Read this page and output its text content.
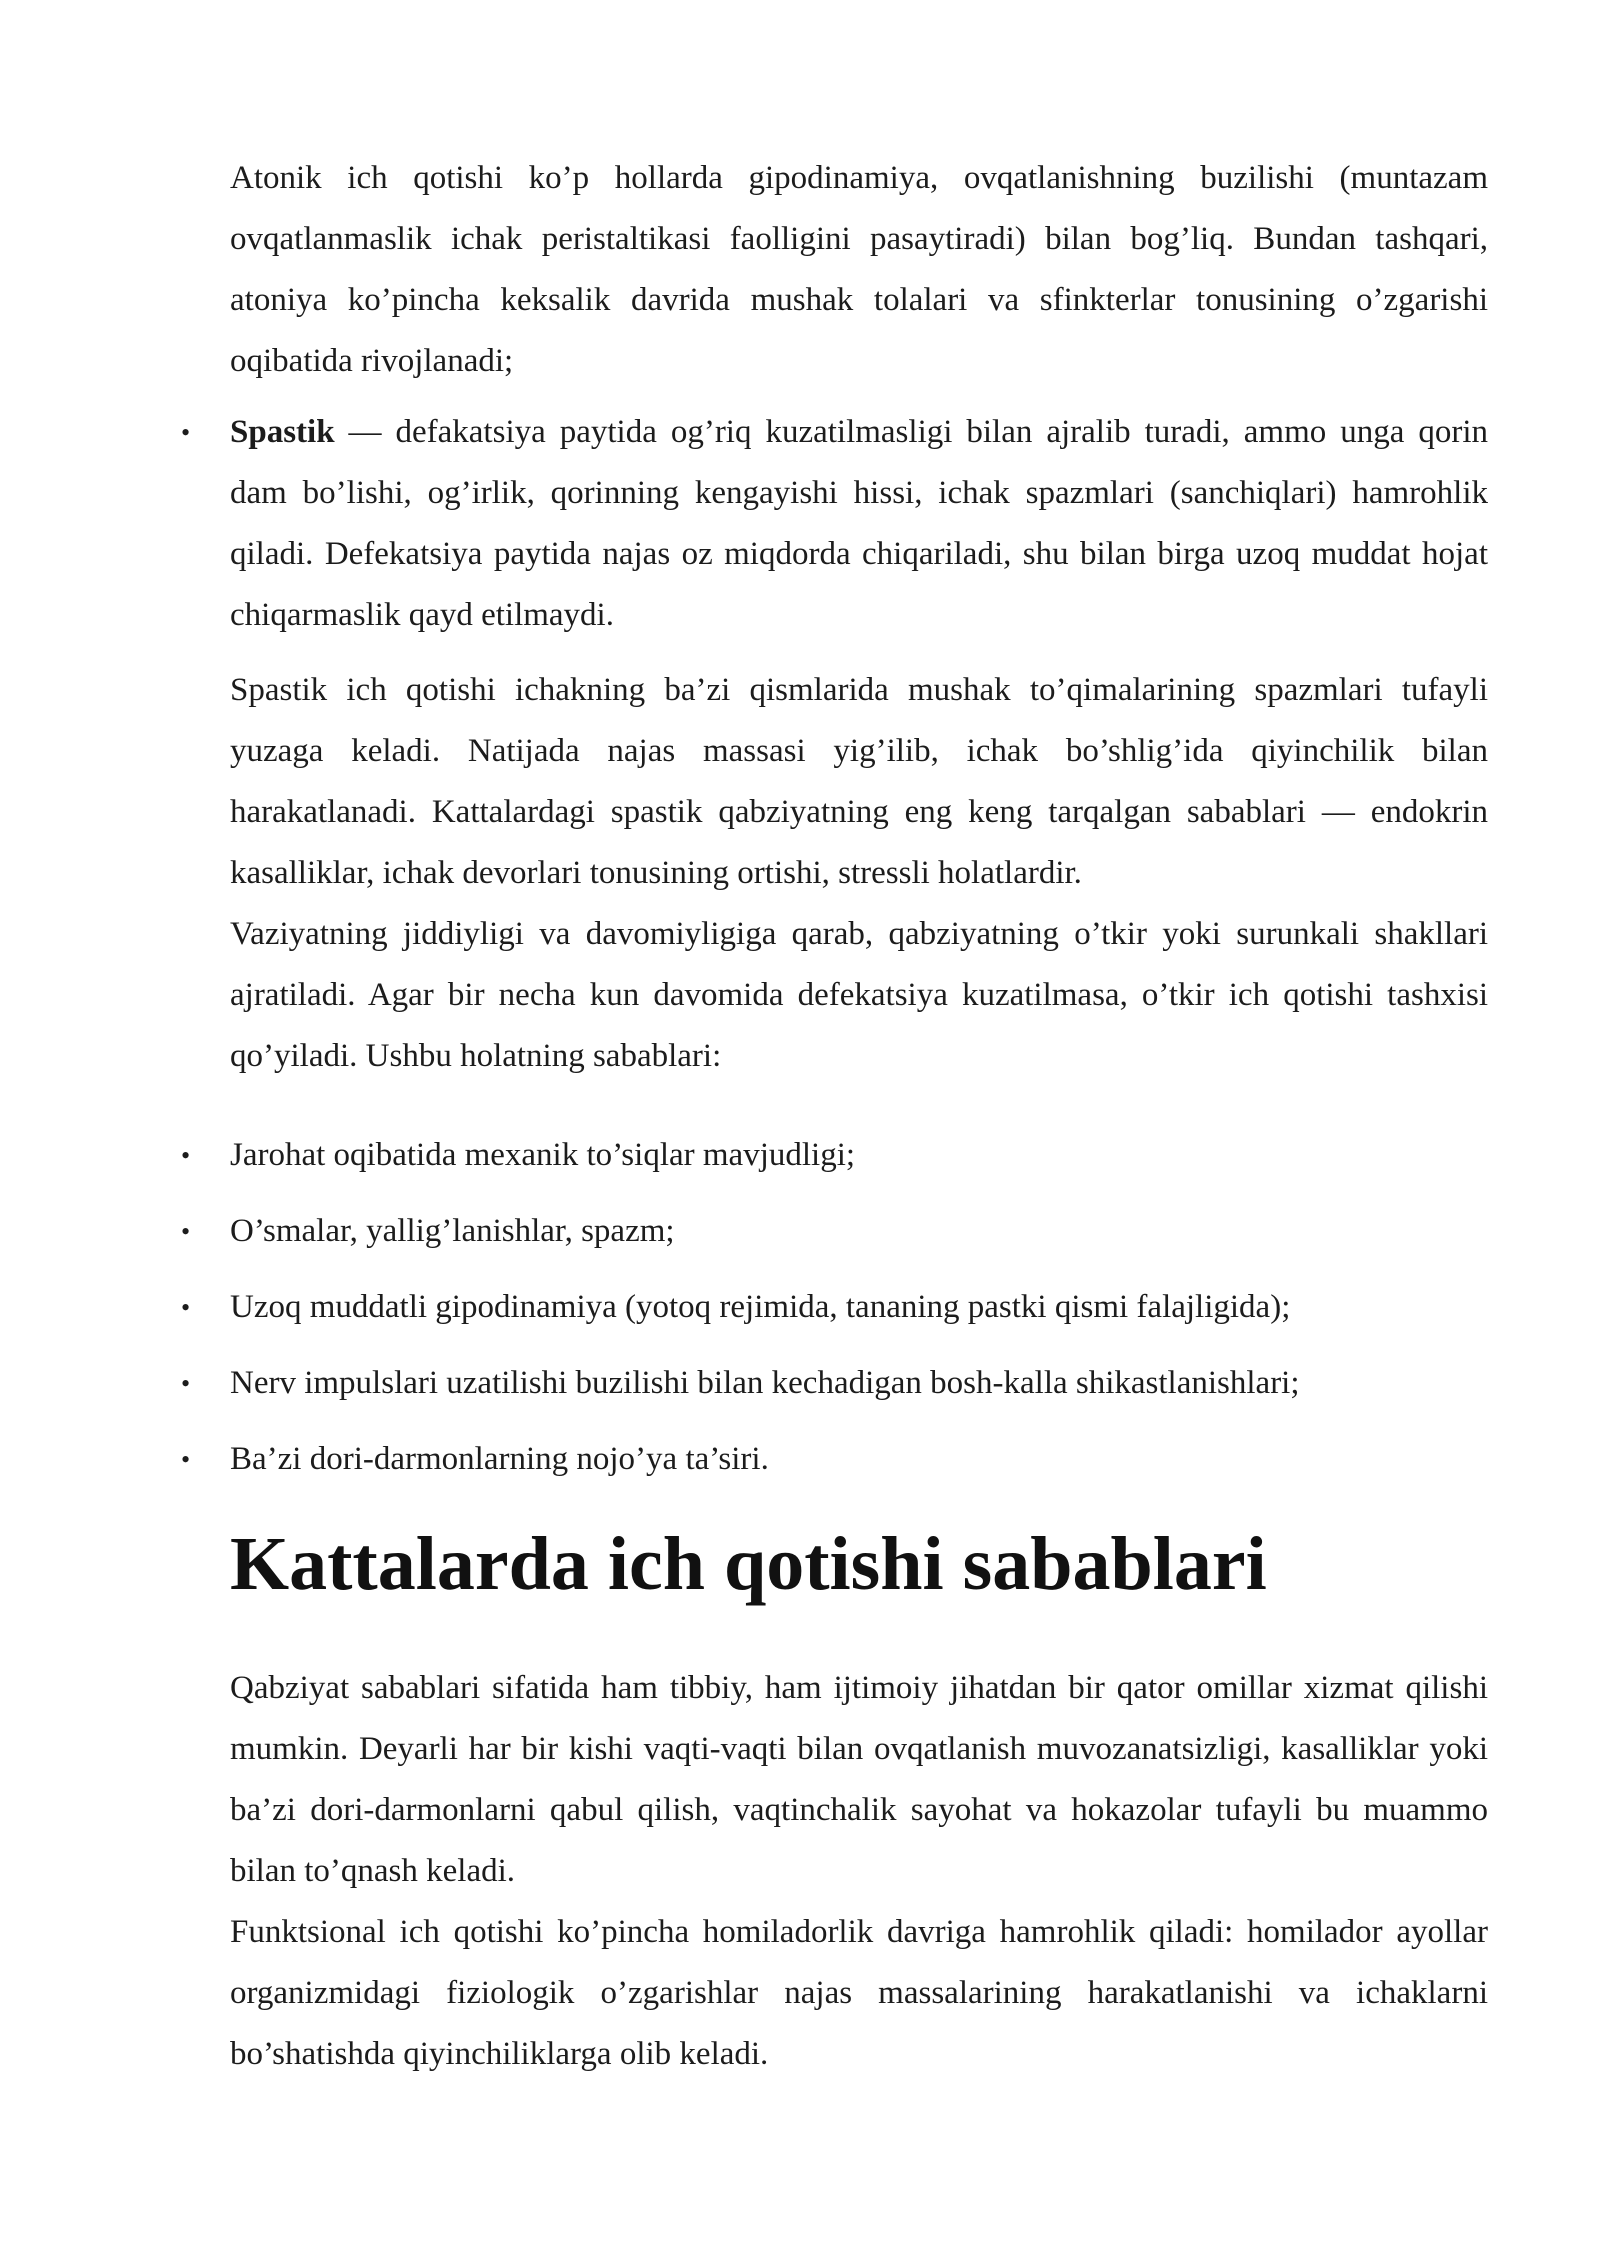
Atonik ich qotishi ko’p hollarda gipodinamiya, ovqatlanishning buzilishi (muntazam ovqatlanmaslik ichak peristaltikasi faolligini pasaytiradi) bilan bog’liq. Bundan tashqari, atoniya ko’pincha keksalik davrida mushak tolalari va sfinkterlar tonusining o’zgarishi oqibatida rivojlanadi;

• Spastik — defakatsiya paytida og’riq kuzatilmasligi bilan ajralib turadi, ammo unga qorin dam bo’lishi, og’irlik, qorinning kengayishi hissi, ichak spazmlari (sanchiqlari) hamrohlik qiladi. Defekatsiya paytida najas oz miqdorda chiqariladi, shu bilan birga uzoq muddat hojat chiqarmaslik qayd etilmaydi.

Spastik ich qotishi ichakning ba’zi qismlarida mushak to’qimalarining spazmlari tufayli yuzaga keladi. Natijada najas massasi yig’ilib, ichak bo’shlig’ida qiyinchilik bilan harakatlanadi. Kattalardagi spastik qabziyatning eng keng tarqalgan sabablari — endokrin kasalliklar, ichak devorlari tonusining ortishi, stressli holatlardir.

Vaziyatning jiddiyligi va davomiyligiga qarab, qabziyatning o’tkir yoki surunkali shakllari ajratiladi. Agar bir necha kun davomida defekatsiya kuzatilmasa, o’tkir ich qotishi tashxisi qo’yiladi. Ushbu holatning sabablari:

• Jarohat oqibatida mexanik to’siqlar mavjudligi;
• O’smalar, yallig’lanishlar, spazm;
• Uzoq muddatli gipodinamiya (yotoq rejimida, tananing pastki qismi falajligida);
• Nerv impulslari uzatilishi buzilishi bilan kechadigan bosh-kalla shikastlanishlari;
• Ba’zi dori-darmonlarning nojo’ya ta’siri.
Kattalarda ich qotishi sabablari

Qabziyat sabablari sifatida ham tibbiy, ham ijtimoiy jihatdan bir qator omillar xizmat qilishi mumkin. Deyarli har bir kishi vaqti-vaqti bilan ovqatlanish muvozanatsizligi, kasalliklar yoki ba’zi dori-darmonlarni qabul qilish, vaqtinchalik sayohat va hokazolar tufayli bu muammo bilan to’qnash keladi.

Funktsional ich qotishi ko’pincha homiladorlik davriga hamrohlik qiladi: homilador ayollar organizmidagi fiziologik o’zgarishlar najas massalarining harakatlanishi va ichaklarni bo’shatishda qiyinchiliklarga olib keladi.
